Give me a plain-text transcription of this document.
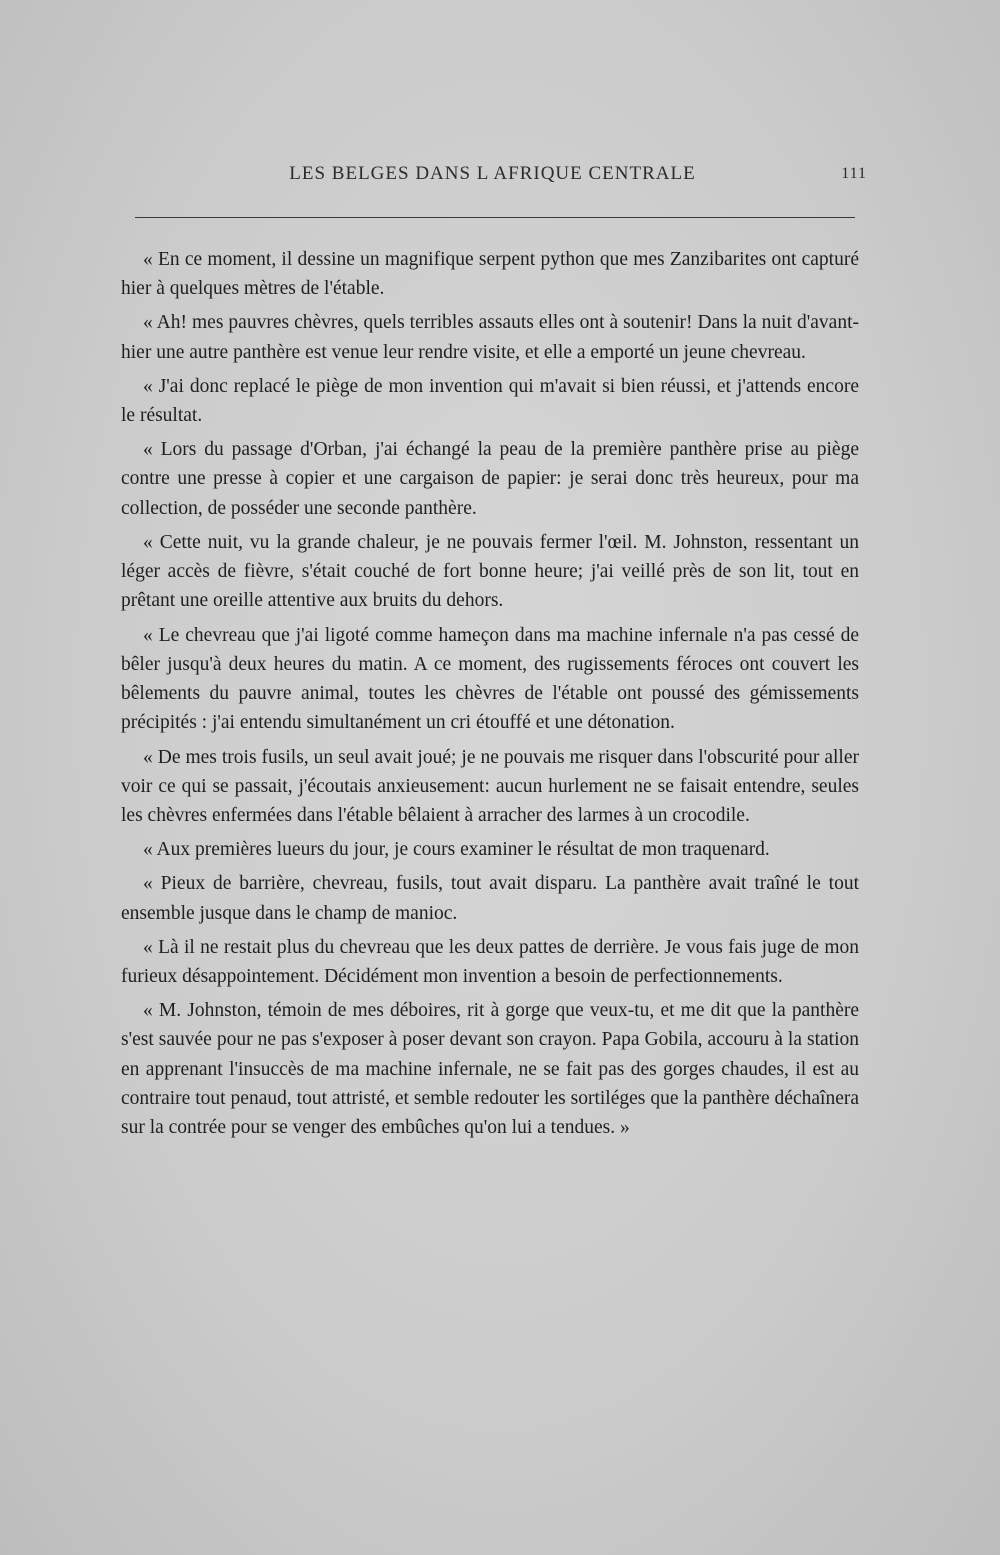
LES BELGES DANS L AFRIQUE CENTRALE	111

« En ce moment, il dessine un magnifique serpent python que mes Zanzibarites ont capturé hier à quelques mètres de l'étable.

« Ah! mes pauvres chèvres, quels terribles assauts elles ont à soutenir! Dans la nuit d'avant-hier une autre panthère est venue leur rendre visite, et elle a emporté un jeune chevreau.

« J'ai donc replacé le piège de mon invention qui m'avait si bien réussi, et j'attends encore le résultat.

« Lors du passage d'Orban, j'ai échangé la peau de la première panthère prise au piège contre une presse à copier et une cargaison de papier: je serai donc très heureux, pour ma collection, de posséder une seconde panthère.

« Cette nuit, vu la grande chaleur, je ne pouvais fermer l'œil. M. Johnston, ressentant un léger accès de fièvre, s'était couché de fort bonne heure; j'ai veillé près de son lit, tout en prêtant une oreille attentive aux bruits du dehors.

« Le chevreau que j'ai ligoté comme hameçon dans ma machine infernale n'a pas cessé de bêler jusqu'à deux heures du matin. A ce moment, des rugissements féroces ont couvert les bêlements du pauvre animal, toutes les chèvres de l'étable ont poussé des gémissements précipités : j'ai entendu simultanément un cri étouffé et une détonation.

« De mes trois fusils, un seul avait joué; je ne pouvais me risquer dans l'obscurité pour aller voir ce qui se passait, j'écoutais anxieusement: aucun hurlement ne se faisait entendre, seules les chèvres enfermées dans l'étable bêlaient à arracher des larmes à un crocodile.

« Aux premières lueurs du jour, je cours examiner le résultat de mon traquenard.

« Pieux de barrière, chevreau, fusils, tout avait disparu. La panthère avait traîné le tout ensemble jusque dans le champ de manioc.

« Là il ne restait plus du chevreau que les deux pattes de derrière. Je vous fais juge de mon furieux désappointement. Décidément mon invention a besoin de perfectionnements.

« M. Johnston, témoin de mes déboires, rit à gorge que veux-tu, et me dit que la panthère s'est sauvée pour ne pas s'exposer à poser devant son crayon. Papa Gobila, accouru à la station en apprenant l'insuccès de ma machine infernale, ne se fait pas des gorges chaudes, il est au contraire tout penaud, tout attristé, et semble redouter les sortiléges que la panthère déchaînera sur la contrée pour se venger des embûches qu'on lui a tendues. »
